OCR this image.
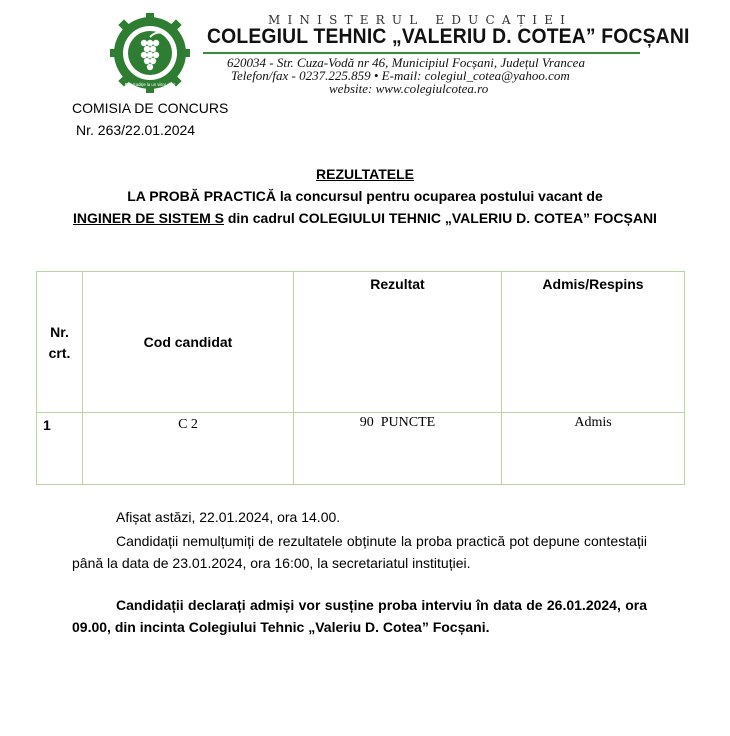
Prin tradiție la un viitor dorit
MINISTERUL EDUCAȚIEI
COLEGIUL TEHNIC „VALERIU D. COTEA” FOCȘANI
620034 - Str. Cuza-Vodă nr 46, Municipiul Focșani, Județul Vrancea
Telefon/fax - 0237.225.859 • E-mail: colegiul_cotea@yahoo.com
website: www.colegiulcotea.ro
COMISIA DE CONCURS
Nr. 263/22.01.2024
REZULTATELE
LA PROBĂ PRACTICĂ la concursul pentru ocuparea postului vacant de
INGINER DE SISTEM S din cadrul COLEGIULUI TEHNIC „VALERIU D. COTEA” FOCȘANI
Nr. crt.	Cod candidat	Rezultat	Admis/Respins
1	C 2	90  PUNCTE	Admis
Afișat astăzi, 22.01.2024, ora 14.00.
Candidații nemulțumiți de rezultatele obținute la proba practică pot depune contestații până la data de 23.01.2024, ora 16:00, la secretariatul instituției.
Candidații declarați admiși vor susține proba interviu în data de 26.01.2024, ora 09.00, din incinta Colegiului Tehnic „Valeriu D. Cotea” Focșani.
